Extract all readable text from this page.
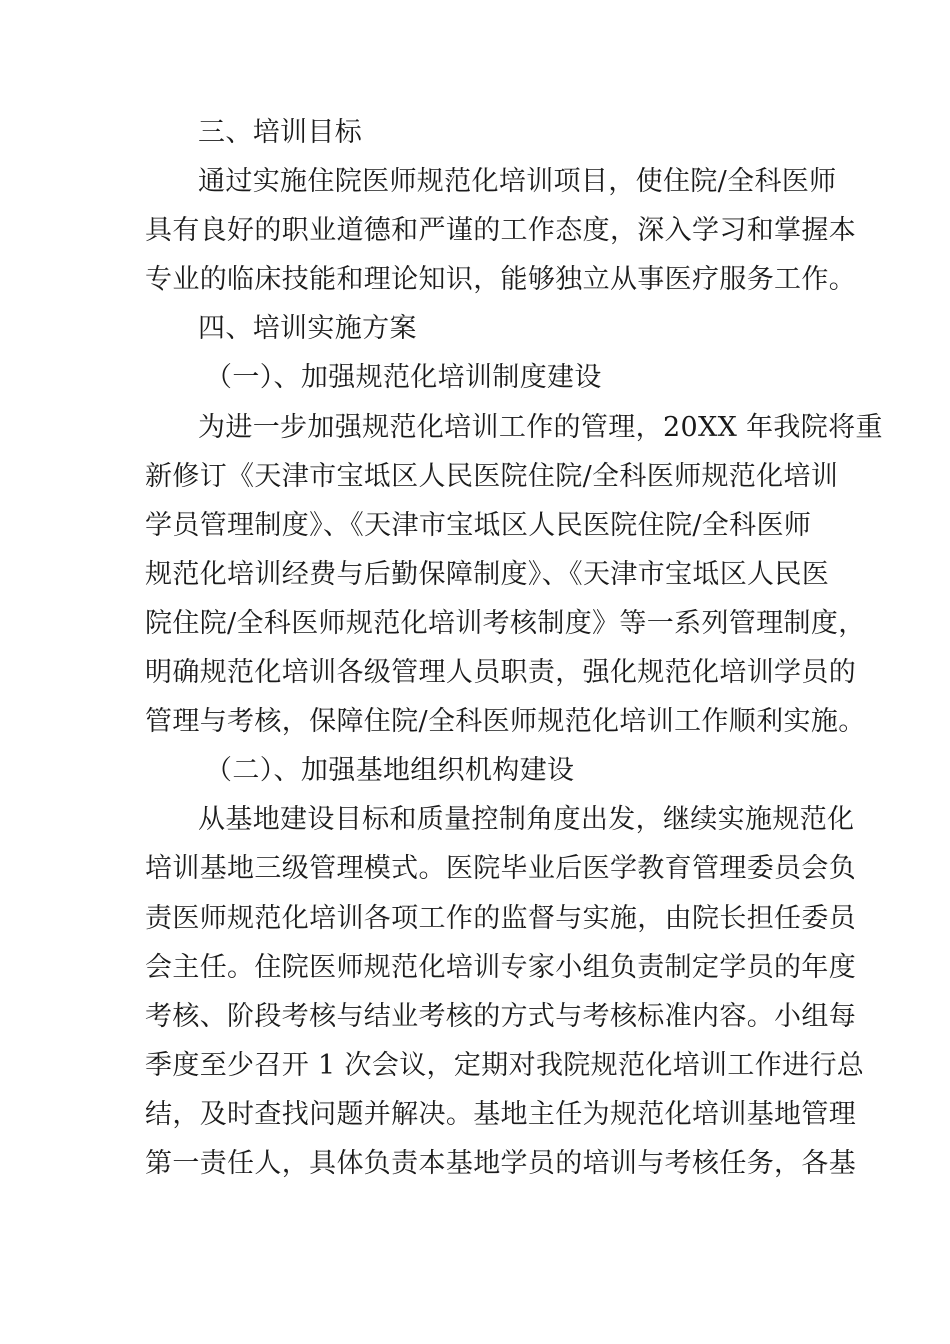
三、培训目标
通过实施住院医师规范化培训项目，使住院/全科医师
具有良好的职业道德和严谨的工作态度，深入学习和掌握本
专业的临床技能和理论知识，能够独立从事医疗服务工作。
四、培训实施方案
（一）、加强规范化培训制度建设
为进一步加强规范化培训工作的管理，20XX 年我院将重
新修订《天津市宝坻区人民医院住院/全科医师规范化培训
学员管理制度》、《天津市宝坻区人民医院住院/全科医师
规范化培训经费与后勤保障制度》、《天津市宝坻区人民医
院住院/全科医师规范化培训考核制度》等一系列管理制度，
明确规范化培训各级管理人员职责，强化规范化培训学员的
管理与考核，保障住院/全科医师规范化培训工作顺利实施。
（二）、加强基地组织机构建设
从基地建设目标和质量控制角度出发，继续实施规范化
培训基地三级管理模式。医院毕业后医学教育管理委员会负
责医师规范化培训各项工作的监督与实施，由院长担任委员
会主任。住院医师规范化培训专家小组负责制定学员的年度
考核、阶段考核与结业考核的方式与考核标准内容。小组每
季度至少召开 1 次会议，定期对我院规范化培训工作进行总
结，及时查找问题并解决。基地主任为规范化培训基地管理
第一责任人，具体负责本基地学员的培训与考核任务，各基
